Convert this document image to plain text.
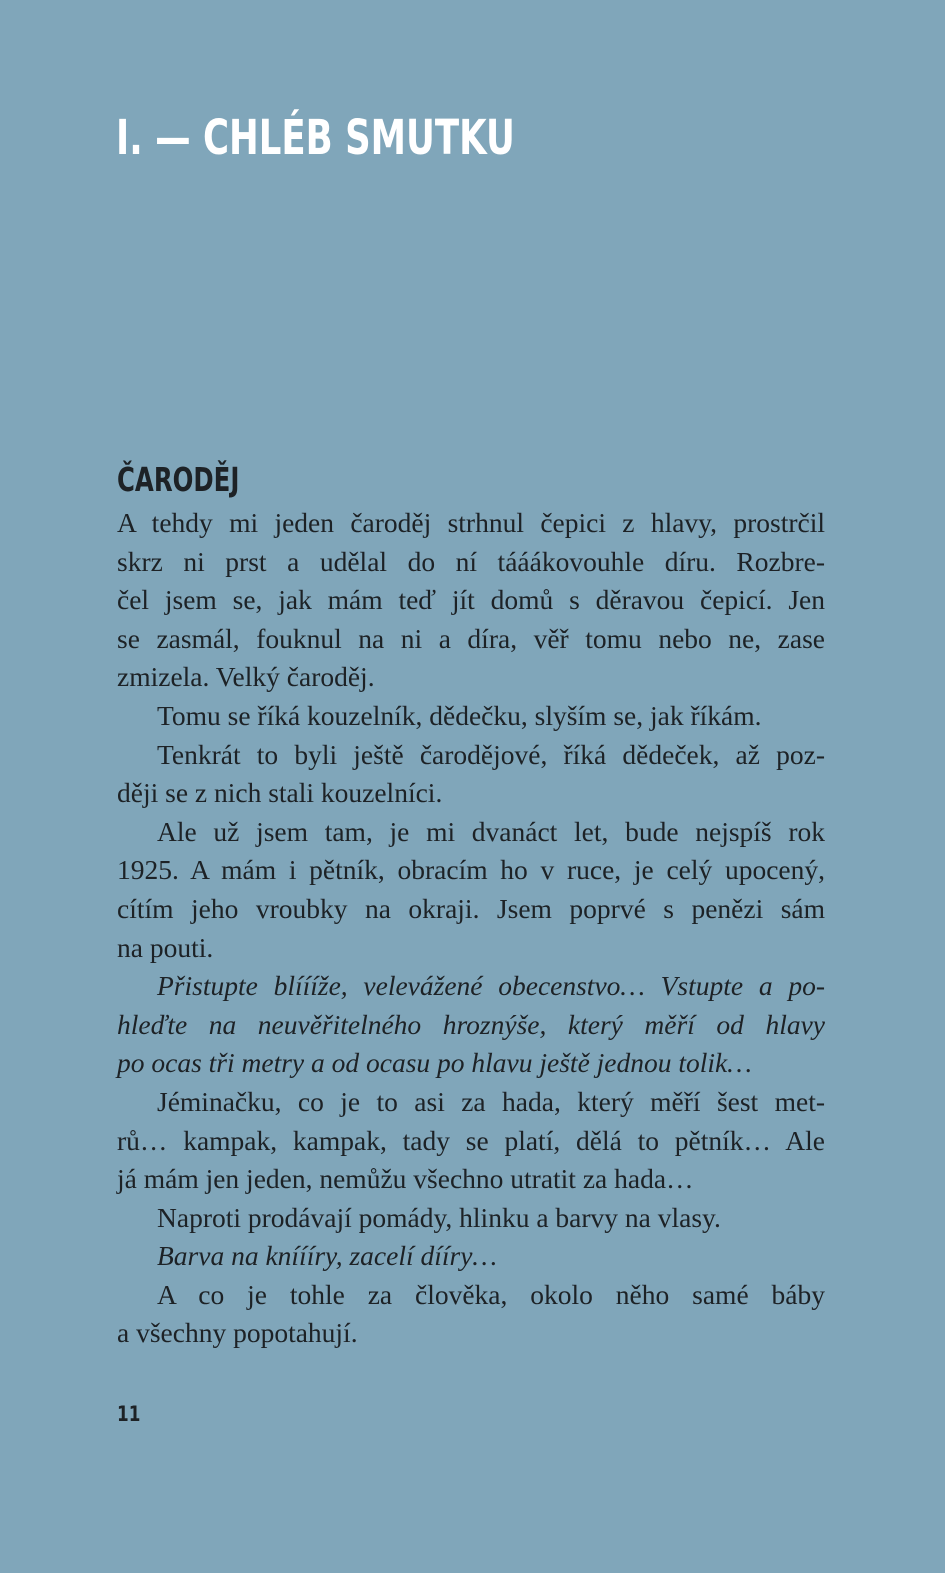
I. — CHLÉB SMUTKU
ČARODĚJ
A tehdy mi jeden čaroděj strhnul čepici z hlavy, prostrčil
skrz ni prst a udělal do ní tááákovouhle díru. Rozbre-
čel jsem se, jak mám teď jít domů s děravou čepicí. Jen
se zasmál, fouknul na ni a díra, věř tomu nebo ne, zase
zmizela. Velký čaroděj.
Tomu se říká kouzelník, dědečku, slyším se, jak říkám.
Tenkrát to byli ještě čarodějové, říká dědeček, až poz-
ději se z nich stali kouzelníci.
Ale už jsem tam, je mi dvanáct let, bude nejspíš rok
1925. A mám i pětník, obracím ho v ruce, je celý upocený,
cítím jeho vroubky na okraji. Jsem poprvé s penězi sám
na pouti.
Přistupte blíííže, velevážené obecenstvo… Vstupte a po-
hleďte na neuvěřitelného hroznýše, který měří od hlavy
po ocas tři metry a od ocasu po hlavu ještě jednou tolik…
Jéminačku, co je to asi za hada, který měří šest met-
rů… kampak, kampak, tady se platí, dělá to pětník… Ale
já mám jen jeden, nemůžu všechno utratit za hada…
Naproti prodávají pomády, hlinku a barvy na vlasy.
Barva na kníííry, zacelí dííry…
A co je tohle za člověka, okolo něho samé báby
a všechny popotahují.
11
